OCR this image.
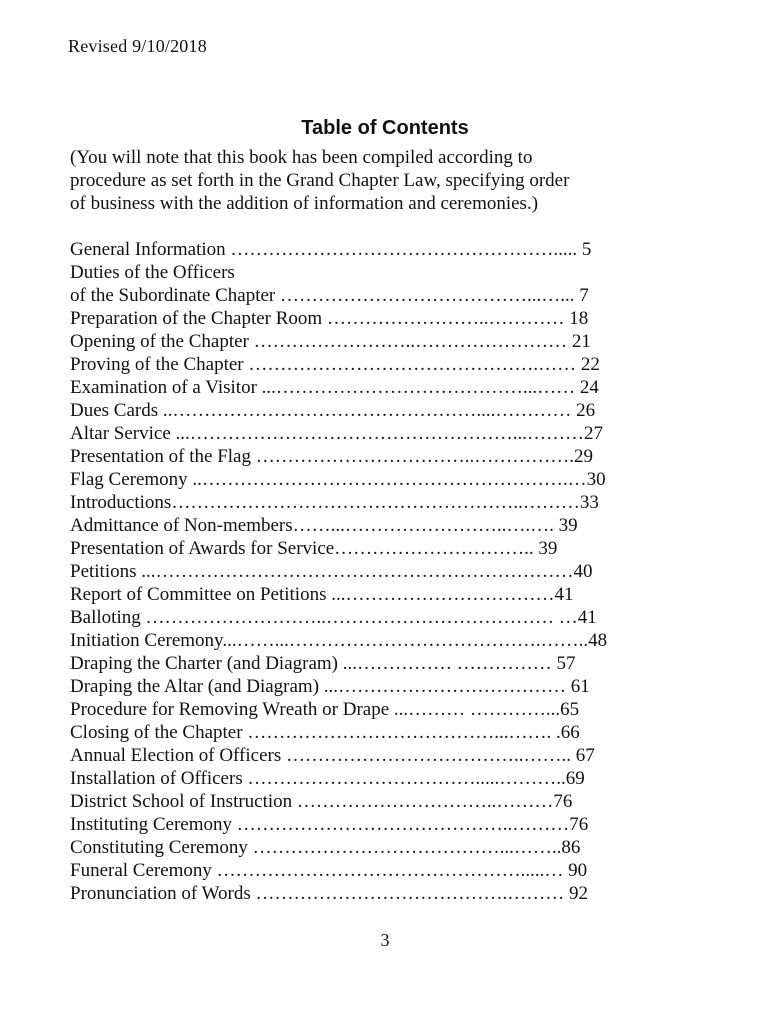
Revised 9/10/2018
Table of Contents
(You will note that this book has been compiled according to
procedure as set forth in the Grand Chapter Law, specifying order
of business with the addition of information and ceremonies.)
General Information ……………………………………………..... 5
Duties of the Officers
of the Subordinate Chapter …………………………………...…... 7
Preparation of the Chapter Room ……………………..………… 18
Opening of the Chapter ……………………..…………………… 21
Proving of the Chapter ……………………………………….…… 22
Examination of a Visitor ...…………………………………...…… 24
Dues Cards ..…………………………………………....………… 26
Altar Service ...……………………………………………...………27
Presentation of the Flag ……………………………..…………….29
Flag Ceremony ..………………………………………………….…30
Introductions………………………………………………..………33
Admittance of Non-members……...……………………..….…. 39
Presentation of Awards for Service………………………….. 39
Petitions ...…………………………………………………………40
Report of Committee on Petitions ...……………………………41
Balloting ………………………..……………………………… …41
Initiation Ceremony...……...………………………………….……..48
Draping the Charter (and Diagram) ...…………… …………… 57
Draping the Altar (and Diagram) ...……………………………… 61
Procedure for Removing Wreath or Drape ...……… …………...65
Closing of the Chapter …………………………………...……. .66
Annual Election of Officers ………………………………..…….. 67
Installation of Officers ……………………………….....………..69
District School of Instruction …………………………..………76
Instituting Ceremony ……………………………………..………76
Constituting Ceremony …………………………………...……..86
Funeral Ceremony ………………………………………….....… 90
Pronunciation of Words ………………………………….……… 92
3
